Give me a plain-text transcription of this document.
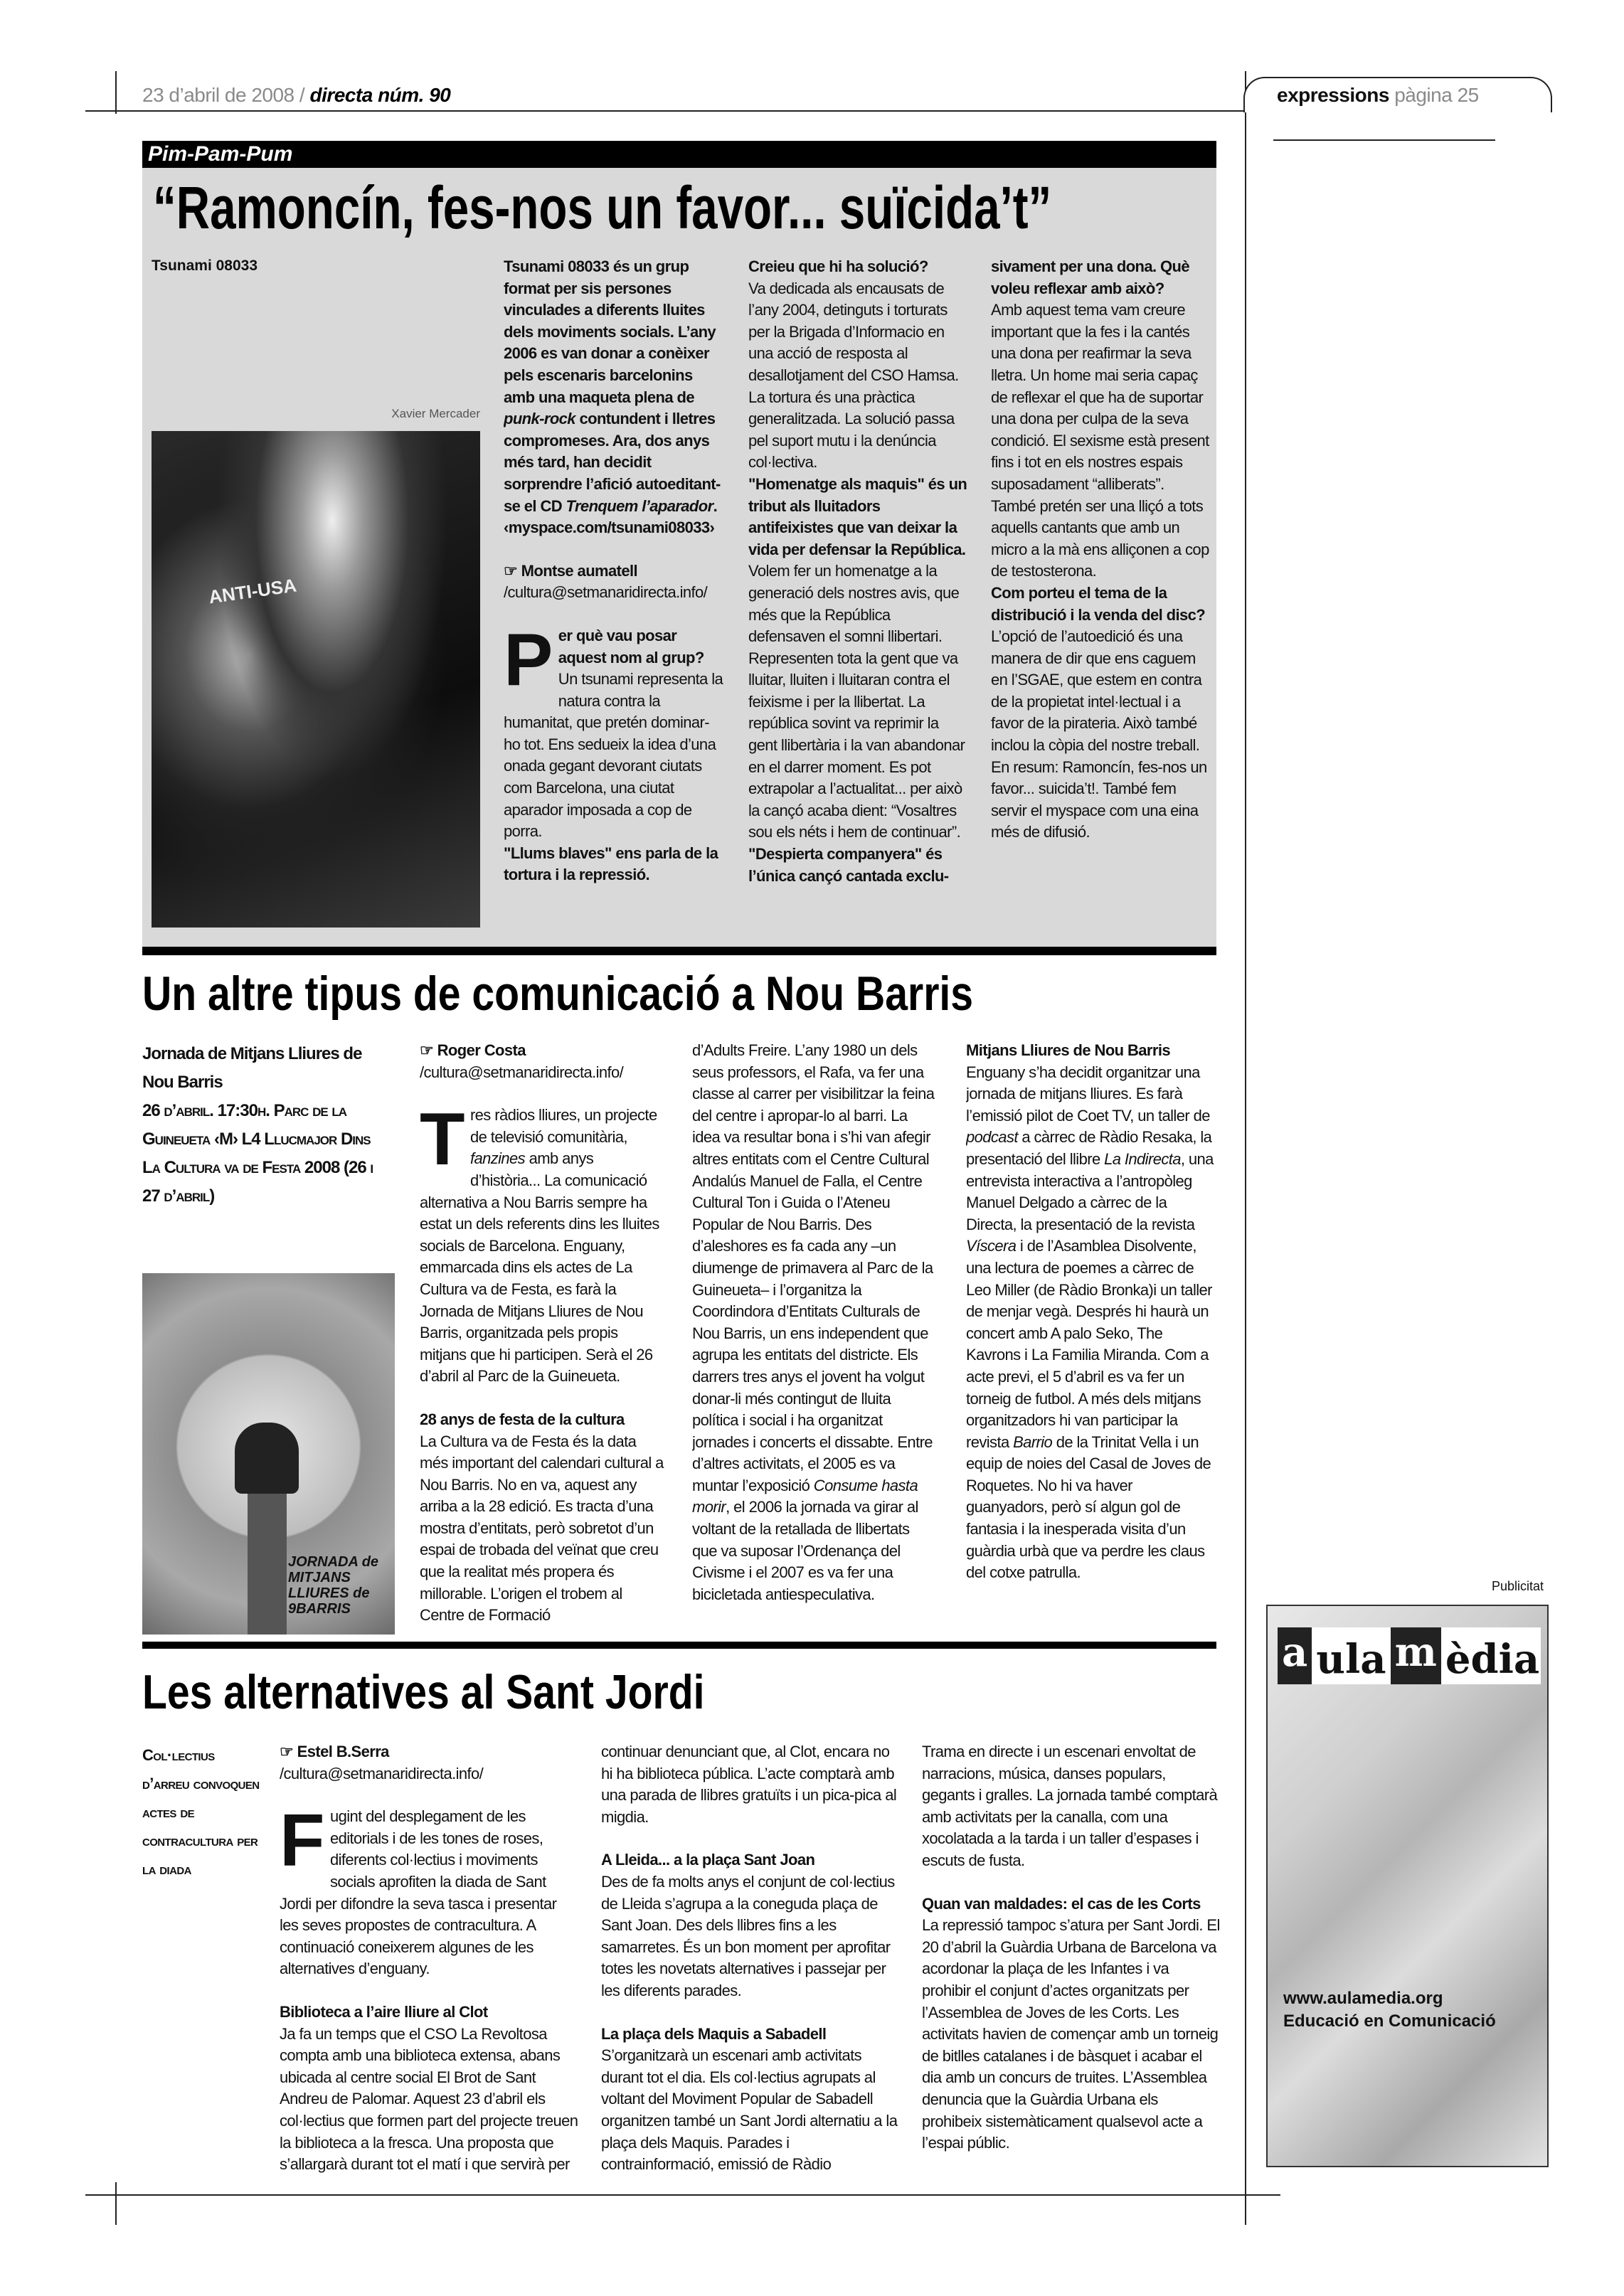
23 d’abril de 2008 / directa núm. 90	expressions pàgina 25
Pim-Pam-Pum
“Ramoncín, fes-nos un favor... suïcida’t”
Tsunami 08033
Xavier Mercader
ANTI-USA

Tsunami 08033 és un grup format per sis persones vinculades a diferents lluites dels moviments socials. L’any 2006 es van donar a conèixer pels escenaris barcelonins amb una maqueta plena de punk-rock contundent i lletres compromeses. Ara, dos anys més tard, han decidit sorprendre l’afició autoeditant-se el CD Trenquem l’aparador.

‹myspace.com/tsunami08033›

☞ Montse aumatell

/cultura@setmanaridirecta.info/

Per què vau posar aquest nom al grup?

Un tsunami representa la natura contra la humanitat, que pretén dominar-ho tot. Ens sedueix la idea d’una onada gegant devorant ciutats com Barcelona, una ciutat aparador imposada a cop de porra.

"Llums blaves" ens parla de la tortura i la repressió.

Creieu que hi ha solució?

Va dedicada als encausats de l’any 2004, detinguts i torturats per la Brigada d’Informacio en una acció de resposta al desallotjament del CSO Hamsa. La tortura és una pràctica generalitzada. La solució passa pel suport mutu i la denúncia col·lectiva.

"Homenatge als maquis" és un tribut als lluitadors antifeixistes que van deixar la vida per defensar la República.

Volem fer un homenatge a la generació dels nostres avis, que més que la República defensaven el somni llibertari. Representen tota la gent que va lluitar, lluiten i lluitaran contra el feixisme i per la llibertat. La república sovint va reprimir la gent llibertària i la van abandonar en el darrer moment. Es pot extrapolar a l’actualitat... per això la cançó acaba dient: “Vosaltres sou els néts i hem de continuar”.

"Despierta companyera" és l’única cançó cantada exclu-

sivament per una dona. Què voleu reflexar amb això?

Amb aquest tema vam creure important que la fes i la cantés una dona per reafirmar la seva lletra. Un home mai seria capaç de reflexar el que ha de suportar una dona per culpa de la seva condició. El sexisme està present fins i tot en els nostres espais suposadament “alliberats”. També pretén ser una lliçó a tots aquells cantants que amb un micro a la mà ens alliçonen a cop de testosterona.

Com porteu el tema de la distribució i la venda del disc?

L’opció de l’autoedició és una manera de dir que ens caguem en l’SGAE, que estem en contra de la propietat intel·lectual i a favor de la pirateria. Això també inclou la còpia del nostre treball. En resum: Ramoncín, fes-nos un favor... suicida’t!. També fem servir el myspace com una eina més de difusió.

Un altre tipus de comunicació a Nou Barris

Jornada de Mitjans Lliures de Nou Barris

26 d’abril. 17:30h. Parc de la Guineueta ‹M› L4 Llucmajor Dins La Cultura va de Festa 2008 (26 i 27 d’abril)

JORNADA de MITJANS LLIURES de 9BARRIS

☞ Roger Costa

/cultura@setmanaridirecta.info/

Tres ràdios lliures, un projecte de televisió comunitària, fanzines amb anys d’història... La comunicació alternativa a Nou Barris sempre ha estat un dels referents dins les lluites socials de Barcelona. Enguany, emmarcada dins els actes de La Cultura va de Festa, es farà la Jornada de Mitjans Lliures de Nou Barris, organitzada pels propis mitjans que hi participen. Serà el 26 d’abril al Parc de la Guineueta.

28 anys de festa de la cultura

La Cultura va de Festa és la data més important del calendari cultural a Nou Barris. No en va, aquest any arriba a la 28 edició. Es tracta d’una mostra d’entitats, però sobretot d’un espai de trobada del veïnat que creu que la realitat més propera és millorable. L’origen el trobem al Centre de Formació

d’Adults Freire. L’any 1980 un dels seus professors, el Rafa, va fer una classe al carrer per visibilitzar la feina del centre i apropar-lo al barri. La idea va resultar bona i s’hi van afegir altres entitats com el Centre Cultural Andalús Manuel de Falla, el Centre Cultural Ton i Guida o l’Ateneu Popular de Nou Barris. Des d’aleshores es fa cada any –un diumenge de primavera al Parc de la Guineueta– i l’organitza la Coordindora d’Entitats Culturals de Nou Barris, un ens independent que agrupa les entitats del districte. Els darrers tres anys el jovent ha volgut donar-li més contingut de lluita política i social i ha organitzat jornades i concerts el dissabte. Entre d’altres activitats, el 2005 es va muntar l’exposició Consume hasta morir, el 2006 la jornada va girar al voltant de la retallada de llibertats que va suposar l’Ordenança del Civisme i el 2007 es va fer una bicicletada antiespeculativa.

Mitjans Lliures de Nou Barris

Enguany s’ha decidit organitzar una jornada de mitjans lliures. Es farà l’emissió pilot de Coet TV, un taller de podcast a càrrec de Ràdio Resaka, la presentació del llibre La Indirecta, una entrevista interactiva a l’antropòleg Manuel Delgado a càrrec de la Directa, la presentació de la revista Víscera i de l’Asamblea Disolvente, una lectura de poemes a càrrec de Leo Miller (de Ràdio Bronka)i un taller de menjar vegà. Després hi haurà un concert amb A palo Seko, The Kavrons i La Familia Miranda. Com a acte previ, el 5 d’abril es va fer un torneig de futbol. A més dels mitjans organitzadors hi van participar la revista Barrio de la Trinitat Vella i un equip de noies del Casal de Joves de Roquetes. No hi va haver guanyadors, però sí algun gol de fantasia i la inesperada visita d’un guàrdia urbà que va perdre les claus del cotxe patrulla.

Les alternatives al Sant Jordi
Col·lectius d’arreu convoquen actes de contracultura per la diada

☞ Estel B.Serra

/cultura@setmanaridirecta.info/

Fugint del desplegament de les editorials i de les tones de roses, diferents col·lectius i moviments socials aprofiten la diada de Sant Jordi per difondre la seva tasca i presentar les seves propostes de contracultura. A continuació coneixerem algunes de les alternatives d’enguany.

Biblioteca a l’aire lliure al Clot

Ja fa un temps que el CSO La Revoltosa compta amb una biblioteca extensa, abans ubicada al centre social El Brot de Sant Andreu de Palomar. Aquest 23 d’abril els col·lectius que formen part del projecte treuen la biblioteca a la fresca. Una proposta que s’allargarà durant tot el matí i que servirà per

continuar denunciant que, al Clot, encara no hi ha biblioteca pública. L’acte comptarà amb una parada de llibres gratuïts i un pica-pica al migdia.

A Lleida... a la plaça Sant Joan

Des de fa molts anys el conjunt de col·lectius de Lleida s’agrupa a la coneguda plaça de Sant Joan. Des dels llibres fins a les samarretes. És un bon moment per aprofitar totes les novetats alternatives i passejar per les diferents parades.

La plaça dels Maquis a Sabadell

S’organitzarà un escenari amb activitats durant tot el dia. Els col·lectius agrupats al voltant del Moviment Popular de Sabadell organitzen també un Sant Jordi alternatiu a la plaça dels Maquis. Parades i contrainformació, emissió de Ràdio

Trama en directe i un escenari envoltat de narracions, música, danses populars, gegants i gralles. La jornada també comptarà amb activitats per la canalla, com una xocolatada a la tarda i un taller d’espases i escuts de fusta.

Quan van maldades: el cas de les Corts

La repressió tampoc s’atura per Sant Jordi. El 20 d’abril la Guàrdia Urbana de Barcelona va acordonar la plaça de les Infantes i va prohibir el conjunt d’actes organitzats per l’Assemblea de Joves de les Corts. Les activitats havien de començar amb un torneig de bitlles catalanes i de bàsquet i acabar el dia amb un concurs de truites. L’Assemblea denuncia que la Guàrdia Urbana els prohibeix sistemàticament qualsevol acte a l’espai públic.

Publicitat
a ula m èdia
www.aulamedia.org
Educació en Comunicació
